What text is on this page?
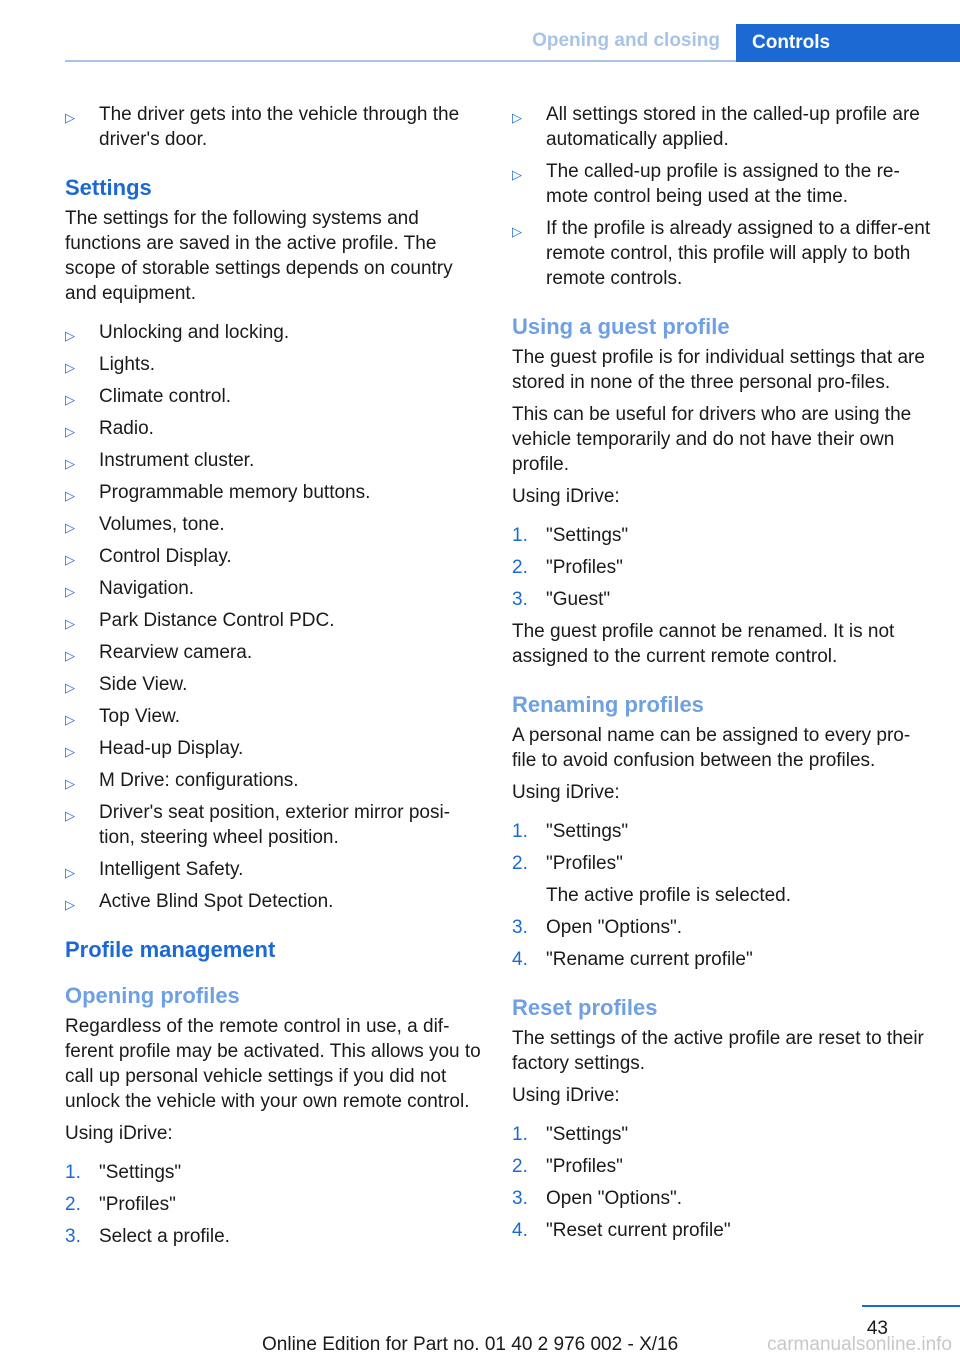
Opening and closing	Controls
▷ The driver gets into the vehicle through the driver's door.
Settings
The settings for the following systems and functions are saved in the active profile. The scope of storable settings depends on country and equipment.
▷ Unlocking and locking.
▷ Lights.
▷ Climate control.
▷ Radio.
▷ Instrument cluster.
▷ Programmable memory buttons.
▷ Volumes, tone.
▷ Control Display.
▷ Navigation.
▷ Park Distance Control PDC.
▷ Rearview camera.
▷ Side View.
▷ Top View.
▷ Head-up Display.
▷ M Drive: configurations.
▷ Driver's seat position, exterior mirror posi‐tion, steering wheel position.
▷ Intelligent Safety.
▷ Active Blind Spot Detection.
Profile management
Opening profiles
Regardless of the remote control in use, a dif‐ferent profile may be activated. This allows you to call up personal vehicle settings if you did not unlock the vehicle with your own remote control.
Using iDrive:
1. "Settings"
2. "Profiles"
3. Select a profile.
▷ All settings stored in the called-up profile are automatically applied.
▷ The called-up profile is assigned to the re‐mote control being used at the time.
▷ If the profile is already assigned to a differ‐ent remote control, this profile will apply to both remote controls.
Using a guest profile
The guest profile is for individual settings that are stored in none of the three personal pro‐files.
This can be useful for drivers who are using the vehicle temporarily and do not have their own profile.
Using iDrive:
1. "Settings"
2. "Profiles"
3. "Guest"
The guest profile cannot be renamed. It is not assigned to the current remote control.
Renaming profiles
A personal name can be assigned to every pro‐file to avoid confusion between the profiles.
Using iDrive:
1. "Settings"
2. "Profiles"
The active profile is selected.
3. Open "Options".
4. "Rename current profile"
Reset profiles
The settings of the active profile are reset to their factory settings.
Using iDrive:
1. "Settings"
2. "Profiles"
3. Open "Options".
4. "Reset current profile"
43
Online Edition for Part no. 01 40 2 976 002 - X/16	carmanualsonline.info
